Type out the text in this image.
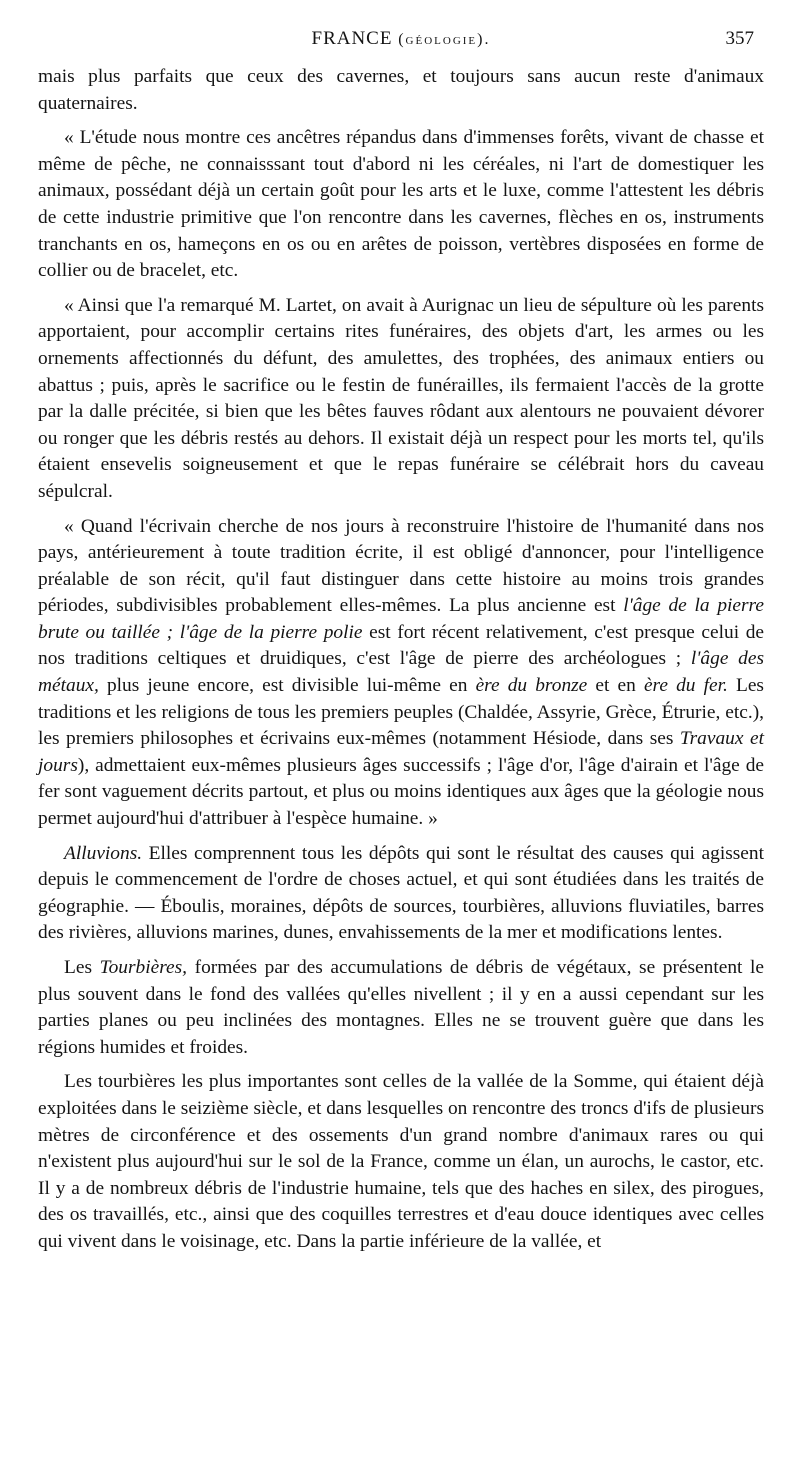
FRANCE (géologie).	357

mais plus parfaits que ceux des cavernes, et toujours sans aucun reste d'animaux quaternaires.

« L'étude nous montre ces ancêtres répandus dans d'immenses forêts, vivant de chasse et même de pêche, ne connaisssant tout d'abord ni les céréales, ni l'art de domestiquer les animaux, possédant déjà un certain goût pour les arts et le luxe, comme l'attestent les débris de cette industrie primitive que l'on rencontre dans les cavernes, flèches en os, instruments tranchants en os, hameçons en os ou en arêtes de poisson, vertèbres disposées en forme de collier ou de bracelet, etc.

« Ainsi que l'a remarqué M. Lartet, on avait à Aurignac un lieu de sépulture où les parents apportaient, pour accomplir certains rites funéraires, des objets d'art, les armes ou les ornements affectionnés du défunt, des amulettes, des trophées, des animaux entiers ou abattus ; puis, après le sacrifice ou le festin de funérailles, ils fermaient l'accès de la grotte par la dalle précitée, si bien que les bêtes fauves rôdant aux alentours ne pouvaient dévorer ou ronger que les débris restés au dehors. Il existait déjà un respect pour les morts tel, qu'ils étaient ensevelis soigneusement et que le repas funéraire se célébrait hors du caveau sépulcral.

« Quand l'écrivain cherche de nos jours à reconstruire l'histoire de l'humanité dans nos pays, antérieurement à toute tradition écrite, il est obligé d'annoncer, pour l'intelligence préalable de son récit, qu'il faut distinguer dans cette histoire au moins trois grandes périodes, subdivisibles probablement elles-mêmes. La plus ancienne est l'âge de la pierre brute ou taillée ; l'âge de la pierre polie est fort récent relativement, c'est presque celui de nos traditions celtiques et druidiques, c'est l'âge de pierre des archéologues ; l'âge des métaux, plus jeune encore, est divisible lui-même en ère du bronze et en ère du fer. Les traditions et les religions de tous les premiers peuples (Chaldée, Assyrie, Grèce, Étrurie, etc.), les premiers philosophes et écrivains eux-mêmes (notamment Hésiode, dans ses Travaux et jours), admettaient eux-mêmes plusieurs âges successifs ; l'âge d'or, l'âge d'airain et l'âge de fer sont vaguement décrits partout, et plus ou moins identiques aux âges que la géologie nous permet aujourd'hui d'attribuer à l'espèce humaine. »

Alluvions. Elles comprennent tous les dépôts qui sont le résultat des causes qui agissent depuis le commencement de l'ordre de choses actuel, et qui sont étudiées dans les traités de géographie. — Éboulis, moraines, dépôts de sources, tourbières, alluvions fluviatiles, barres des rivières, alluvions marines, dunes, envahissements de la mer et modifications lentes.

Les Tourbières, formées par des accumulations de débris de végétaux, se présentent le plus souvent dans le fond des vallées qu'elles nivellent ; il y en a aussi cependant sur les parties planes ou peu inclinées des montagnes. Elles ne se trouvent guère que dans les régions humides et froides.

Les tourbières les plus importantes sont celles de la vallée de la Somme, qui étaient déjà exploitées dans le seizième siècle, et dans lesquelles on rencontre des troncs d'ifs de plusieurs mètres de circonférence et des ossements d'un grand nombre d'animaux rares ou qui n'existent plus aujourd'hui sur le sol de la France, comme un élan, un aurochs, le castor, etc. Il y a de nombreux débris de l'industrie humaine, tels que des haches en silex, des pirogues, des os travaillés, etc., ainsi que des coquilles terrestres et d'eau douce identiques avec celles qui vivent dans le voisinage, etc. Dans la partie inférieure de la vallée, et
